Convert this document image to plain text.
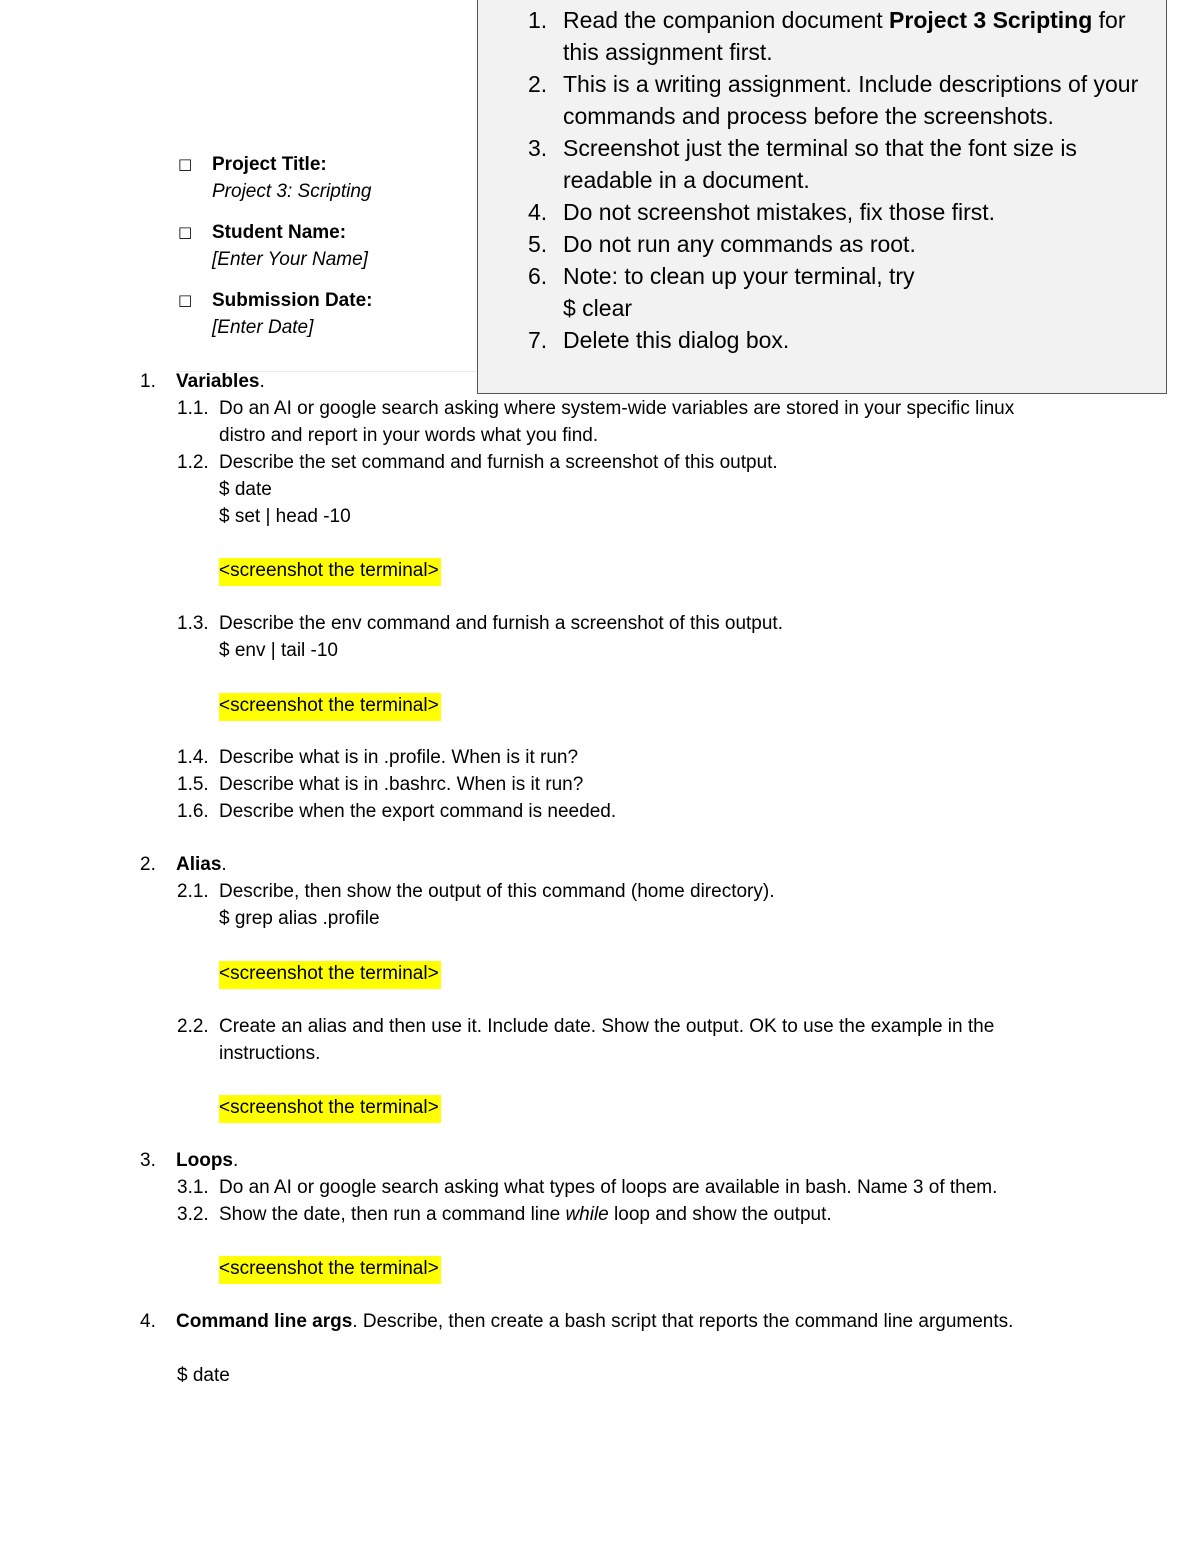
□ Project Title:
Project 3: Scripting
□ Student Name:
[Enter Your Name]
□ Submission Date:
[Enter Date]
1. Read the companion document Project 3 Scripting for
this assignment first.
2. This is a writing assignment. Include descriptions of your
commands and process before the screenshots.
3. Screenshot just the terminal so that the font size is
readable in a document.
4. Do not screenshot mistakes, fix those first.
5. Do not run any commands as root.
6. Note: to clean up your terminal, try
$ clear
7. Delete this dialog box.
1. Variables.
1.1. Do an AI or google search asking where system-wide variables are stored in your specific linux
distro and report in your words what you find.
1.2. Describe the set command and furnish a screenshot of this output.
$ date
$ set | head -10
<screenshot the terminal>
1.3. Describe the env command and furnish a screenshot of this output.
$ env | tail -10
<screenshot the terminal>
1.4. Describe what is in .profile. When is it run?
1.5. Describe what is in .bashrc. When is it run?
1.6. Describe when the export command is needed.
2. Alias.
2.1. Describe, then show the output of this command (home directory).
$ grep alias .profile
<screenshot the terminal>
2.2. Create an alias and then use it. Include date. Show the output. OK to use the example in the
instructions.
<screenshot the terminal>
3. Loops.
3.1. Do an AI or google search asking what types of loops are available in bash. Name 3 of them.
3.2. Show the date, then run a command line while loop and show the output.
<screenshot the terminal>
4. Command line args. Describe, then create a bash script that reports the command line arguments.
$ date
